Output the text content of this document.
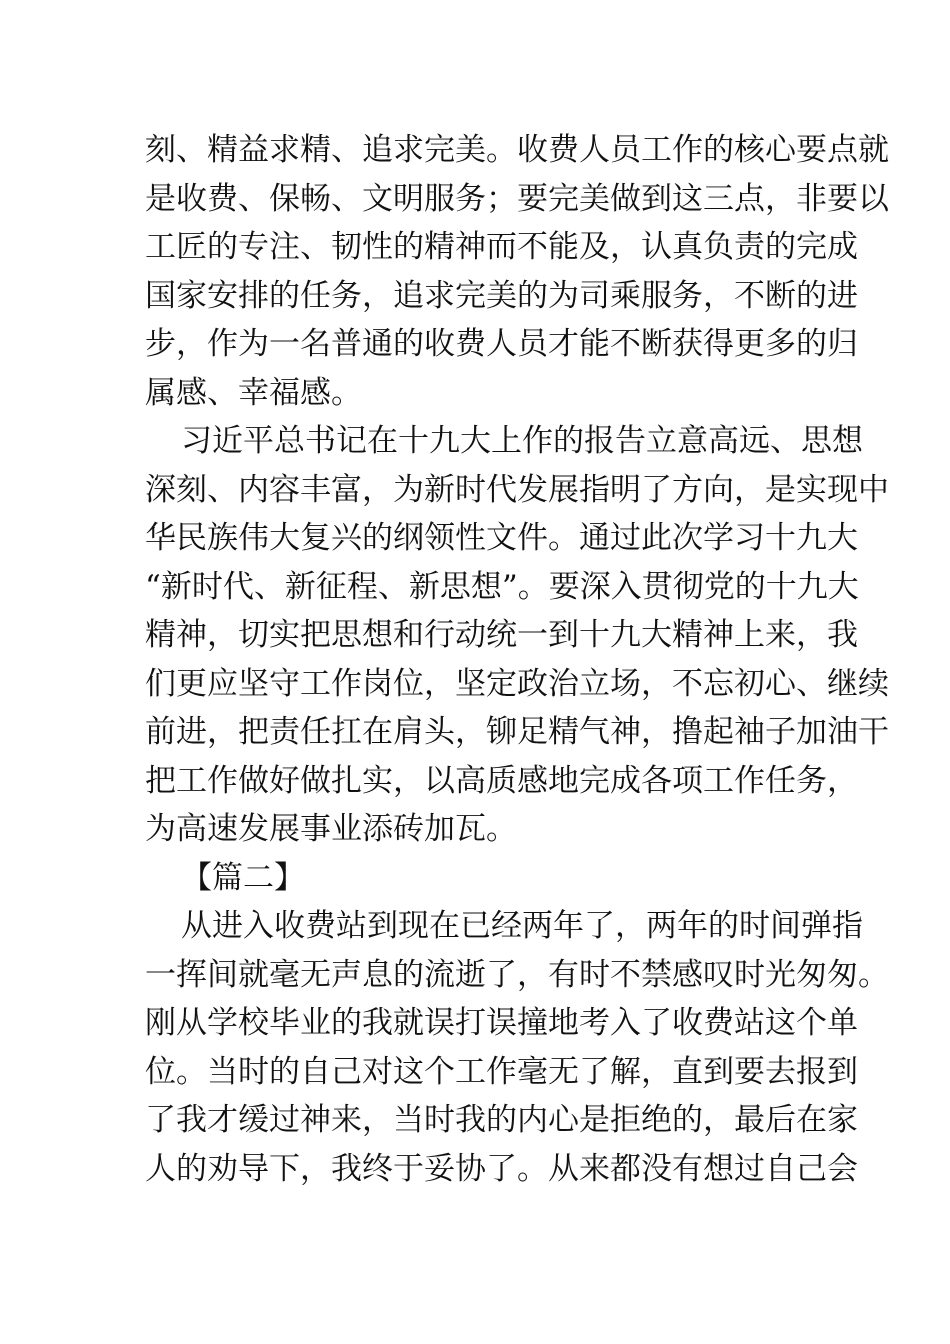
刻、精益求精、追求完美。收费人员工作的核心要点就
是收费、保畅、文明服务；要完美做到这三点，非要以
工匠的专注、韧性的精神而不能及，认真负责的完成
国家安排的任务，追求完美的为司乘服务，不断的进
步，作为一名普通的收费人员才能不断获得更多的归
属感、幸福感。
习近平总书记在十九大上作的报告立意高远、思想
深刻、内容丰富，为新时代发展指明了方向，是实现中
华民族伟大复兴的纲领性文件。通过此次学习十九大
“新时代、新征程、新思想”。要深入贯彻党的十九大
精神，切实把思想和行动统一到十九大精神上来，我
们更应坚守工作岗位，坚定政治立场，不忘初心、继续
前进，把责任扛在肩头，铆足精气神，撸起袖子加油干
把工作做好做扎实，以高质感地完成各项工作任务，
为高速发展事业添砖加瓦。
【篇二】
从进入收费站到现在已经两年了，两年的时间弹指
一挥间就毫无声息的流逝了，有时不禁感叹时光匆匆。
刚从学校毕业的我就误打误撞地考入了收费站这个单
位。当时的自己对这个工作毫无了解，直到要去报到
了我才缓过神来，当时我的内心是拒绝的，最后在家
人的劝导下，我终于妥协了。从来都没有想过自己会
